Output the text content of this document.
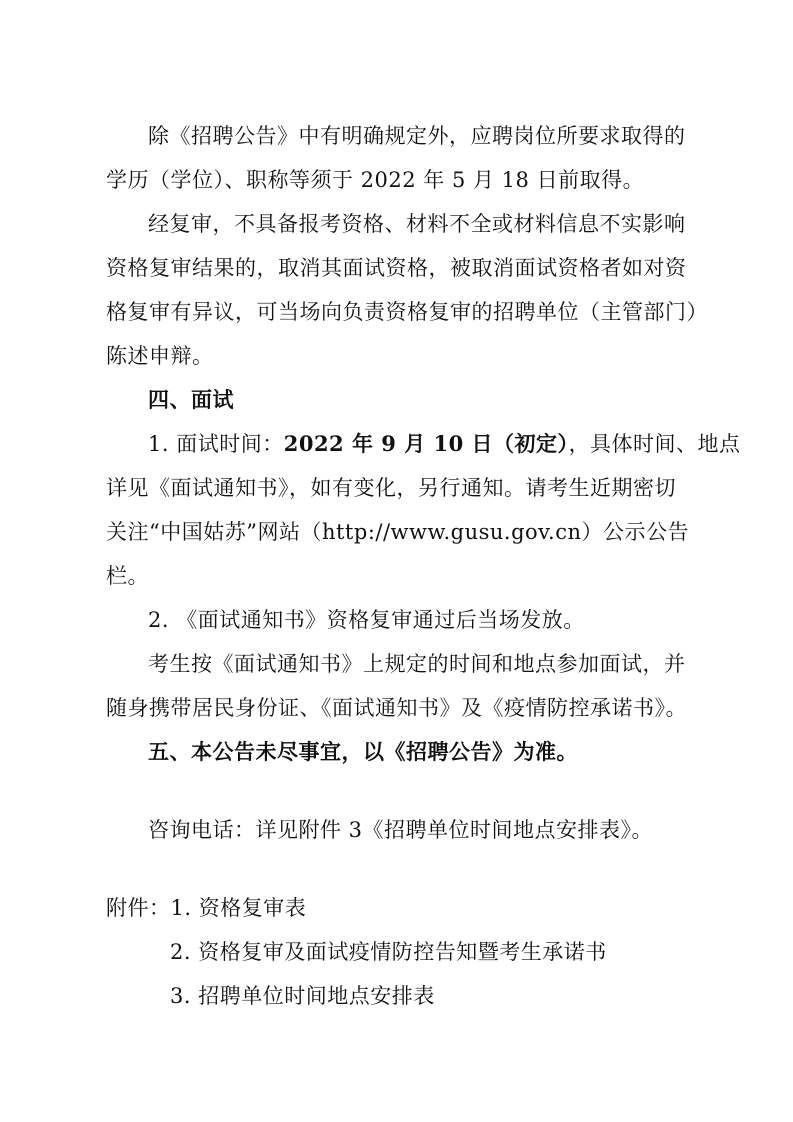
除《招聘公告》中有明确规定外，应聘岗位所要求取得的
学历（学位）、职称等须于 2022 年 5 月 18 日前取得。
经复审，不具备报考资格、材料不全或材料信息不实影响
资格复审结果的，取消其面试资格，被取消面试资格者如对资
格复审有异议，可当场向负责资格复审的招聘单位（主管部门）
陈述申辩。
四、面试
1. 面试时间：2022 年 9 月 10 日（初定），具体时间、地点
详见《面试通知书》，如有变化，另行通知。请考生近期密切
关注“中国姑苏”网站（http://www.gusu.gov.cn）公示公告
栏。
2. 《面试通知书》资格复审通过后当场发放。
考生按《面试通知书》上规定的时间和地点参加面试，并
随身携带居民身份证、《面试通知书》及《疫情防控承诺书》。
五、本公告未尽事宜，以《招聘公告》为准。
咨询电话：详见附件 3《招聘单位时间地点安排表》。
附件：1. 资格复审表
2. 资格复审及面试疫情防控告知暨考生承诺书
3. 招聘单位时间地点安排表
